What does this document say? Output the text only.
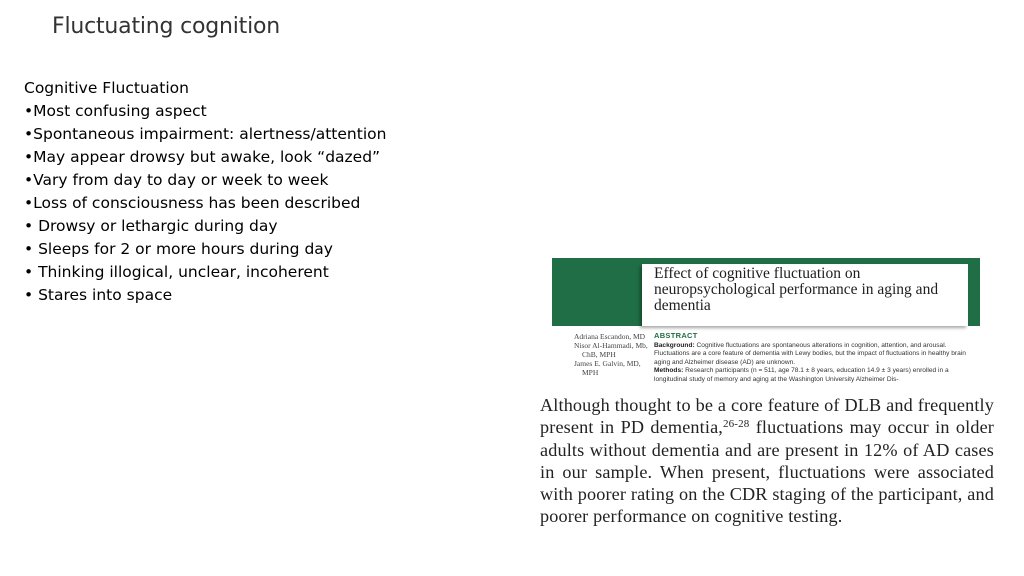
Fluctuating cognition
Cognitive Fluctuation
•Most confusing aspect
•Spontaneous impairment: alertness/attention
•May appear drowsy but awake, look “dazed”
•Vary from day to day or week to week
•Loss of consciousness has been described
• Drowsy or lethargic during day
• Sleeps for 2 or more hours during day
• Thinking illogical, unclear, incoherent
• Stares into space
Effect of cognitive fluctuation on neuropsychological performance in aging and dementia
Adriana Escandon, MD
Nisor Al-Hammadi, Mb,
ChB, MPH
James E. Galvin, MD,
MPH
ABSTRACT
Background: Cognitive fluctuations are spontaneous alterations in cognition, attention, and arousal. Fluctuations are a core feature of dementia with Lewy bodies, but the impact of fluctuations in healthy brain aging and Alzheimer disease (AD) are unknown.
Methods: Research participants (n = 511, age 78.1 ± 8 years, education 14.9 ± 3 years) enrolled in a longitudinal study of memory and aging at the Washington University Alzheimer Dis-
Although thought to be a core feature of DLB and frequently present in PD dementia,$^{26-28}$ fluctuations may occur in older adults without dementia and are present in 12% of AD cases in our sample. When present, fluctuations were associated with poorer rating on the CDR staging of the participant, and poorer performance on cognitive testing.
